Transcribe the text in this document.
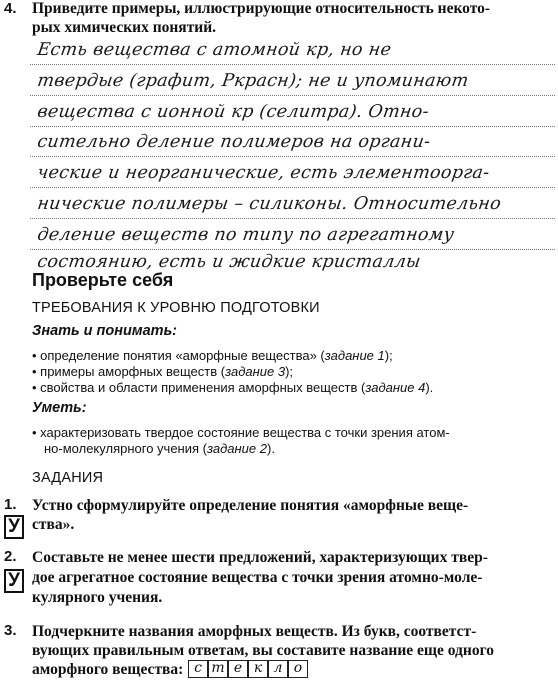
4. Приведите примеры, иллюстрирующие относительность некото-
рых химических понятий.
Есть вещества с атомной кр, но не
твердые (графит, Ркрасн); не и упоминают
вещества с ионной кр (селитра). Отно-
сительно деление полимеров на органи-
ческие и неорганические, есть элементоорга-
нические полимеры – силиконы. Относительно
деление веществ по типу по агрегатному
состоянию, есть и жидкие кристаллы
Проверьте себя
ТРЕБОВАНИЯ К УРОВНЮ ПОДГОТОВКИ
Знать и понимать:
• определение понятия «аморфные вещества» (задание 1);
• примеры аморфных веществ (задание 3);
• свойства и области применения аморфных веществ (задание 4).
Уметь:
• характеризовать твердое состояние вещества с точки зрения атом-
но-молекулярного учения (задание 2).
ЗАДАНИЯ
1. Устно сформулируйте определение понятия «аморфные веще-
ства».
У
2. Составьте не менее шести предложений, характеризующих твер-
дое агрегатное состояние вещества с точки зрения атомно-моле-
кулярного учения.
У
3. Подчеркните названия аморфных веществ. Из букв, соответст-
вующих правильным ответам, вы составите название еще одного
аморфного вещества: с т е к л о
